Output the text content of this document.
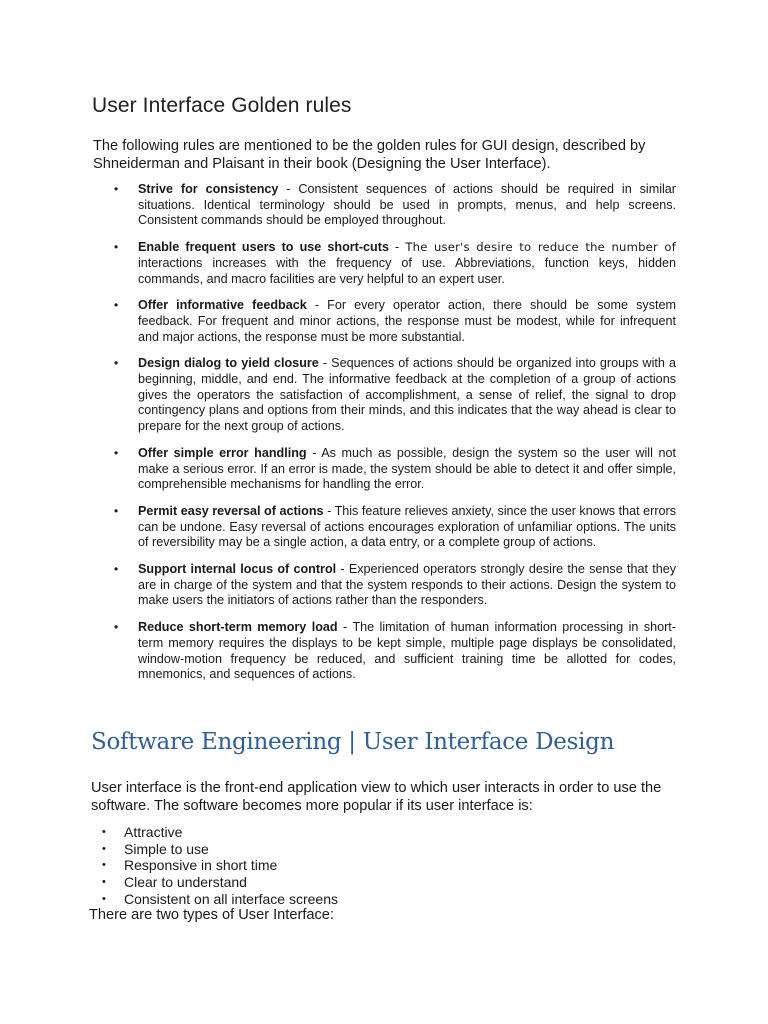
User Interface Golden rules

The following rules are mentioned to be the golden rules for GUI design, described by Shneiderman and Plaisant in their book (Designing the User Interface).

• Strive for consistency - Consistent sequences of actions should be required in similar situations. Identical terminology should be used in prompts, menus, and help screens. Consistent commands should be employed throughout.
• Enable frequent users to use short-cuts - The user's desire to reduce the number of interactions increases with the frequency of use. Abbreviations, function keys, hidden commands, and macro facilities are very helpful to an expert user.
• Offer informative feedback - For every operator action, there should be some system feedback. For frequent and minor actions, the response must be modest, while for infrequent and major actions, the response must be more substantial.
• Design dialog to yield closure - Sequences of actions should be organized into groups with a beginning, middle, and end. The informative feedback at the completion of a group of actions gives the operators the satisfaction of accomplishment, a sense of relief, the signal to drop contingency plans and options from their minds, and this indicates that the way ahead is clear to prepare for the next group of actions.
• Offer simple error handling - As much as possible, design the system so the user will not make a serious error. If an error is made, the system should be able to detect it and offer simple, comprehensible mechanisms for handling the error.
• Permit easy reversal of actions - This feature relieves anxiety, since the user knows that errors can be undone. Easy reversal of actions encourages exploration of unfamiliar options. The units of reversibility may be a single action, a data entry, or a complete group of actions.
• Support internal locus of control - Experienced operators strongly desire the sense that they are in charge of the system and that the system responds to their actions. Design the system to make users the initiators of actions rather than the responders.
• Reduce short-term memory load - The limitation of human information processing in short-term memory requires the displays to be kept simple, multiple page displays be consolidated, window-motion frequency be reduced, and sufficient training time be allotted for codes, mnemonics, and sequences of actions.
Software Engineering | User Interface Design

User interface is the front-end application view to which user interacts in order to use the software. The software becomes more popular if its user interface is:

• Attractive
• Simple to use
• Responsive in short time
• Clear to understand
• Consistent on all interface screens

There are two types of User Interface:
